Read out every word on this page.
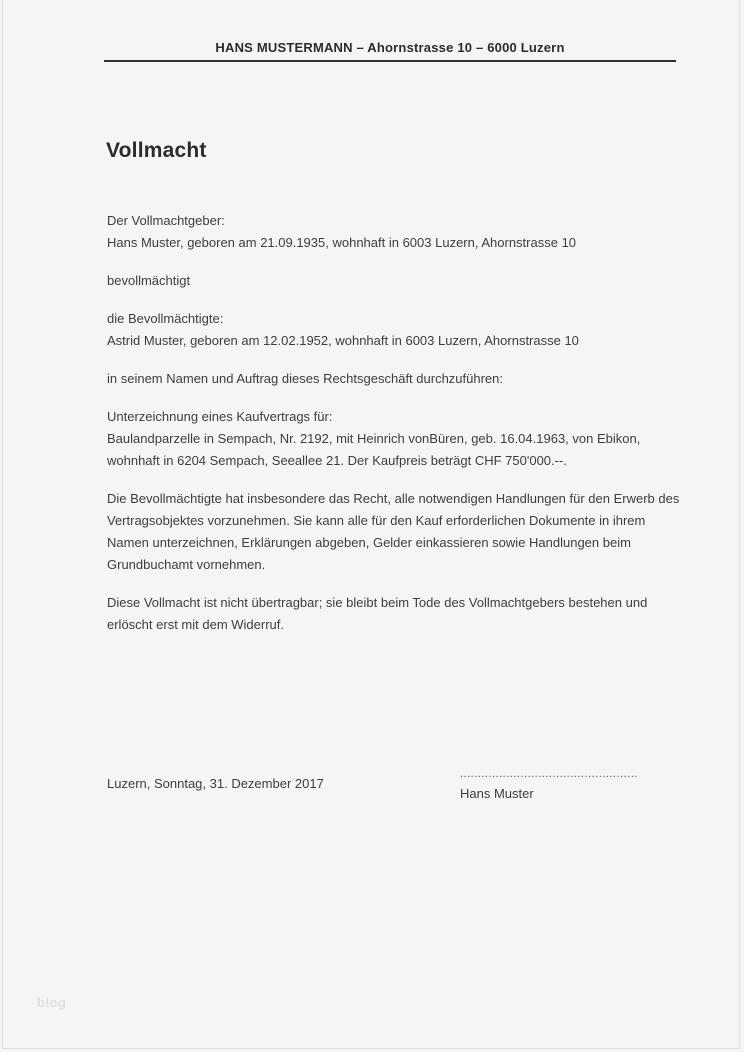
HANS MUSTERMANN – Ahornstrasse 10 – 6000 Luzern
Vollmacht
Der Vollmachtgeber:
Hans Muster, geboren am 21.09.1935, wohnhaft in 6003 Luzern, Ahornstrasse 10
bevollmächtigt
die Bevollmächtigte:
Astrid Muster, geboren am 12.02.1952, wohnhaft in 6003 Luzern, Ahornstrasse 10
in seinem Namen und Auftrag dieses Rechtsgeschäft durchzuführen:
Unterzeichnung eines Kaufvertrags für:
Baulandparzelle in Sempach, Nr. 2192, mit Heinrich vonBüren, geb. 16.04.1963, von Ebikon,
wohnhaft in 6204 Sempach, Seeallee 21. Der Kaufpreis beträgt CHF 750'000.--.
Die Bevollmächtigte hat insbesondere das Recht, alle notwendigen Handlungen für den Erwerb des
Vertragsobjektes vorzunehmen. Sie kann alle für den Kauf erforderlichen Dokumente in ihrem
Namen unterzeichnen, Erklärungen abgeben, Gelder einkassieren sowie Handlungen beim
Grundbuchamt vornehmen.
Diese Vollmacht ist nicht übertragbar; sie bleibt beim Tode des Vollmachtgebers bestehen und
erlöscht erst mit dem Widerruf.
Luzern, Sonntag, 31. Dezember 2017
..................................................
Hans Muster
blog
